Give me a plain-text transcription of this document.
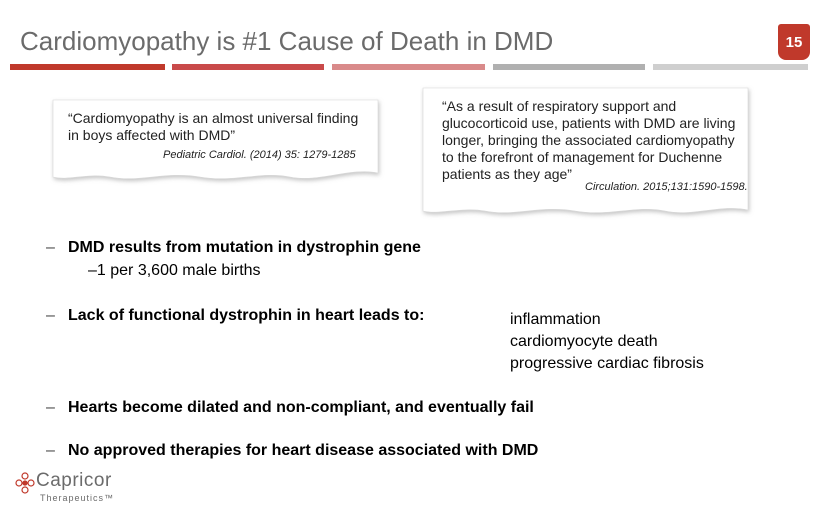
Cardiomyopathy is #1 Cause of Death in DMD	15
“Cardiomyopathy is an almost universal finding
in boys affected with DMD”
Pediatric Cardiol. (2014) 35: 1279-1285
“As a result of respiratory support and
glucocorticoid use, patients with DMD are living
longer, bringing the associated cardiomyopathy
to the forefront of management for Duchenne
patients as they age”
Circulation. 2015;131:1590-1598.
– DMD results from mutation in dystrophin gene
–1 per 3,600 male births
– Lack of functional dystrophin in heart leads to:	inflammation
cardiomyocyte death
progressive cardiac fibrosis
– Hearts become dilated and non-compliant, and eventually fail
– No approved therapies for heart disease associated with DMD
Capricor
Therapeutics™
